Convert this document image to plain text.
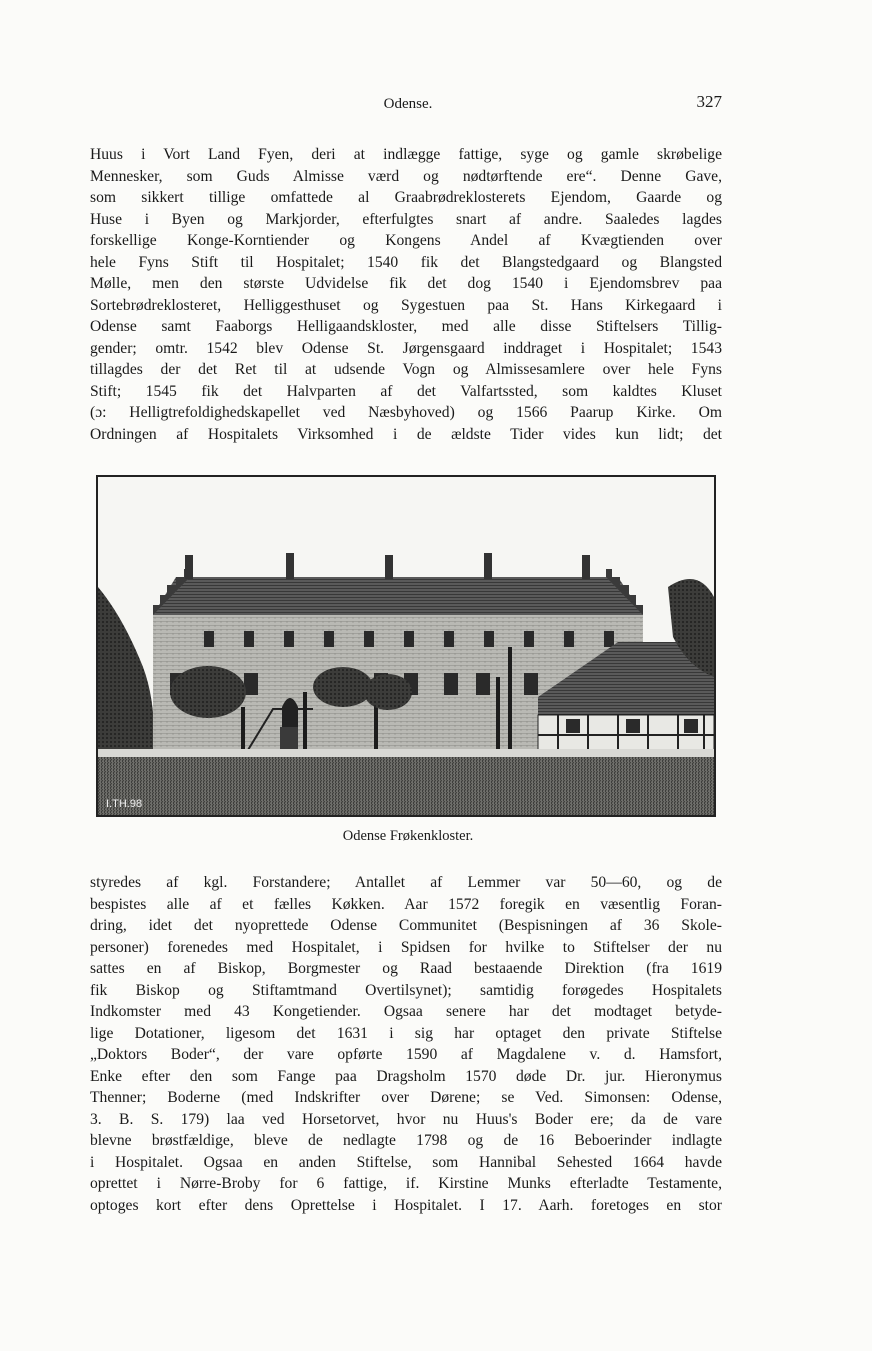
Odense.	327
Huus i Vort Land Fyen, deri at indlægge fattige, syge og gamle skrøbelige
Mennesker, som Guds Almisse værd og nødtørftende ere“. Denne Gave,
som sikkert tillige omfattede al Graabrødreklosterets Ejendom, Gaarde og
Huse i Byen og Markjorder, efterfulgtes snart af andre. Saaledes lagdes
forskellige Konge-Korntiender og Kongens Andel af Kvægtienden over
hele Fyns Stift til Hospitalet; 1540 fik det Blangstedgaard og Blangsted
Mølle, men den største Udvidelse fik det dog 1540 i Ejendomsbrev paa
Sortebrødreklosteret, Helliggesthuset og Sygestuen paa St. Hans Kirkegaard i
Odense samt Faaborgs Helligaandskloster, med alle disse Stiftelsers Tillig-
gender; omtr. 1542 blev Odense St. Jørgensgaard inddraget i Hospitalet; 1543
tillagdes der det Ret til at udsende Vogn og Almissesamlere over hele Fyns
Stift; 1545 fik det Halvparten af det Valfartssted, som kaldtes Kluset
(ɔ: Helligtrefoldighedskapellet ved Næsbyhoved) og 1566 Paarup Kirke. Om
Ordningen af Hospitalets Virksomhed i de ældste Tider vides kun lidt; det
I.TH.98
Odense Frøkenkloster.
styredes af kgl. Forstandere; Antallet af Lemmer var 50—60, og de
bespistes alle af et fælles Køkken. Aar 1572 foregik en væsentlig Foran-
dring, idet det nyoprettede Odense Communitet (Bespisningen af 36 Skole-
personer) forenedes med Hospitalet, i Spidsen for hvilke to Stiftelser der nu
sattes en af Biskop, Borgmester og Raad bestaaende Direktion (fra 1619
fik Biskop og Stiftamtmand Overtilsynet); samtidig forøgedes Hospitalets
Indkomster med 43 Kongetiender. Ogsaa senere har det modtaget betyde-
lige Dotationer, ligesom det 1631 i sig har optaget den private Stiftelse
„Doktors Boder“, der vare opførte 1590 af Magdalene v. d. Hamsfort,
Enke efter den som Fange paa Dragsholm 1570 døde Dr. jur. Hieronymus
Thenner; Boderne (med Indskrifter over Dørene; se Ved. Simonsen: Odense,
3. B. S. 179) laa ved Horsetorvet, hvor nu Huus's Boder ere; da de vare
blevne brøstfældige, bleve de nedlagte 1798 og de 16 Beboerinder indlagte
i Hospitalet. Ogsaa en anden Stiftelse, som Hannibal Sehested 1664 havde
oprettet i Nørre-Broby for 6 fattige, if. Kirstine Munks efterladte Testamente,
optoges kort efter dens Oprettelse i Hospitalet. I 17. Aarh. foretoges en stor
